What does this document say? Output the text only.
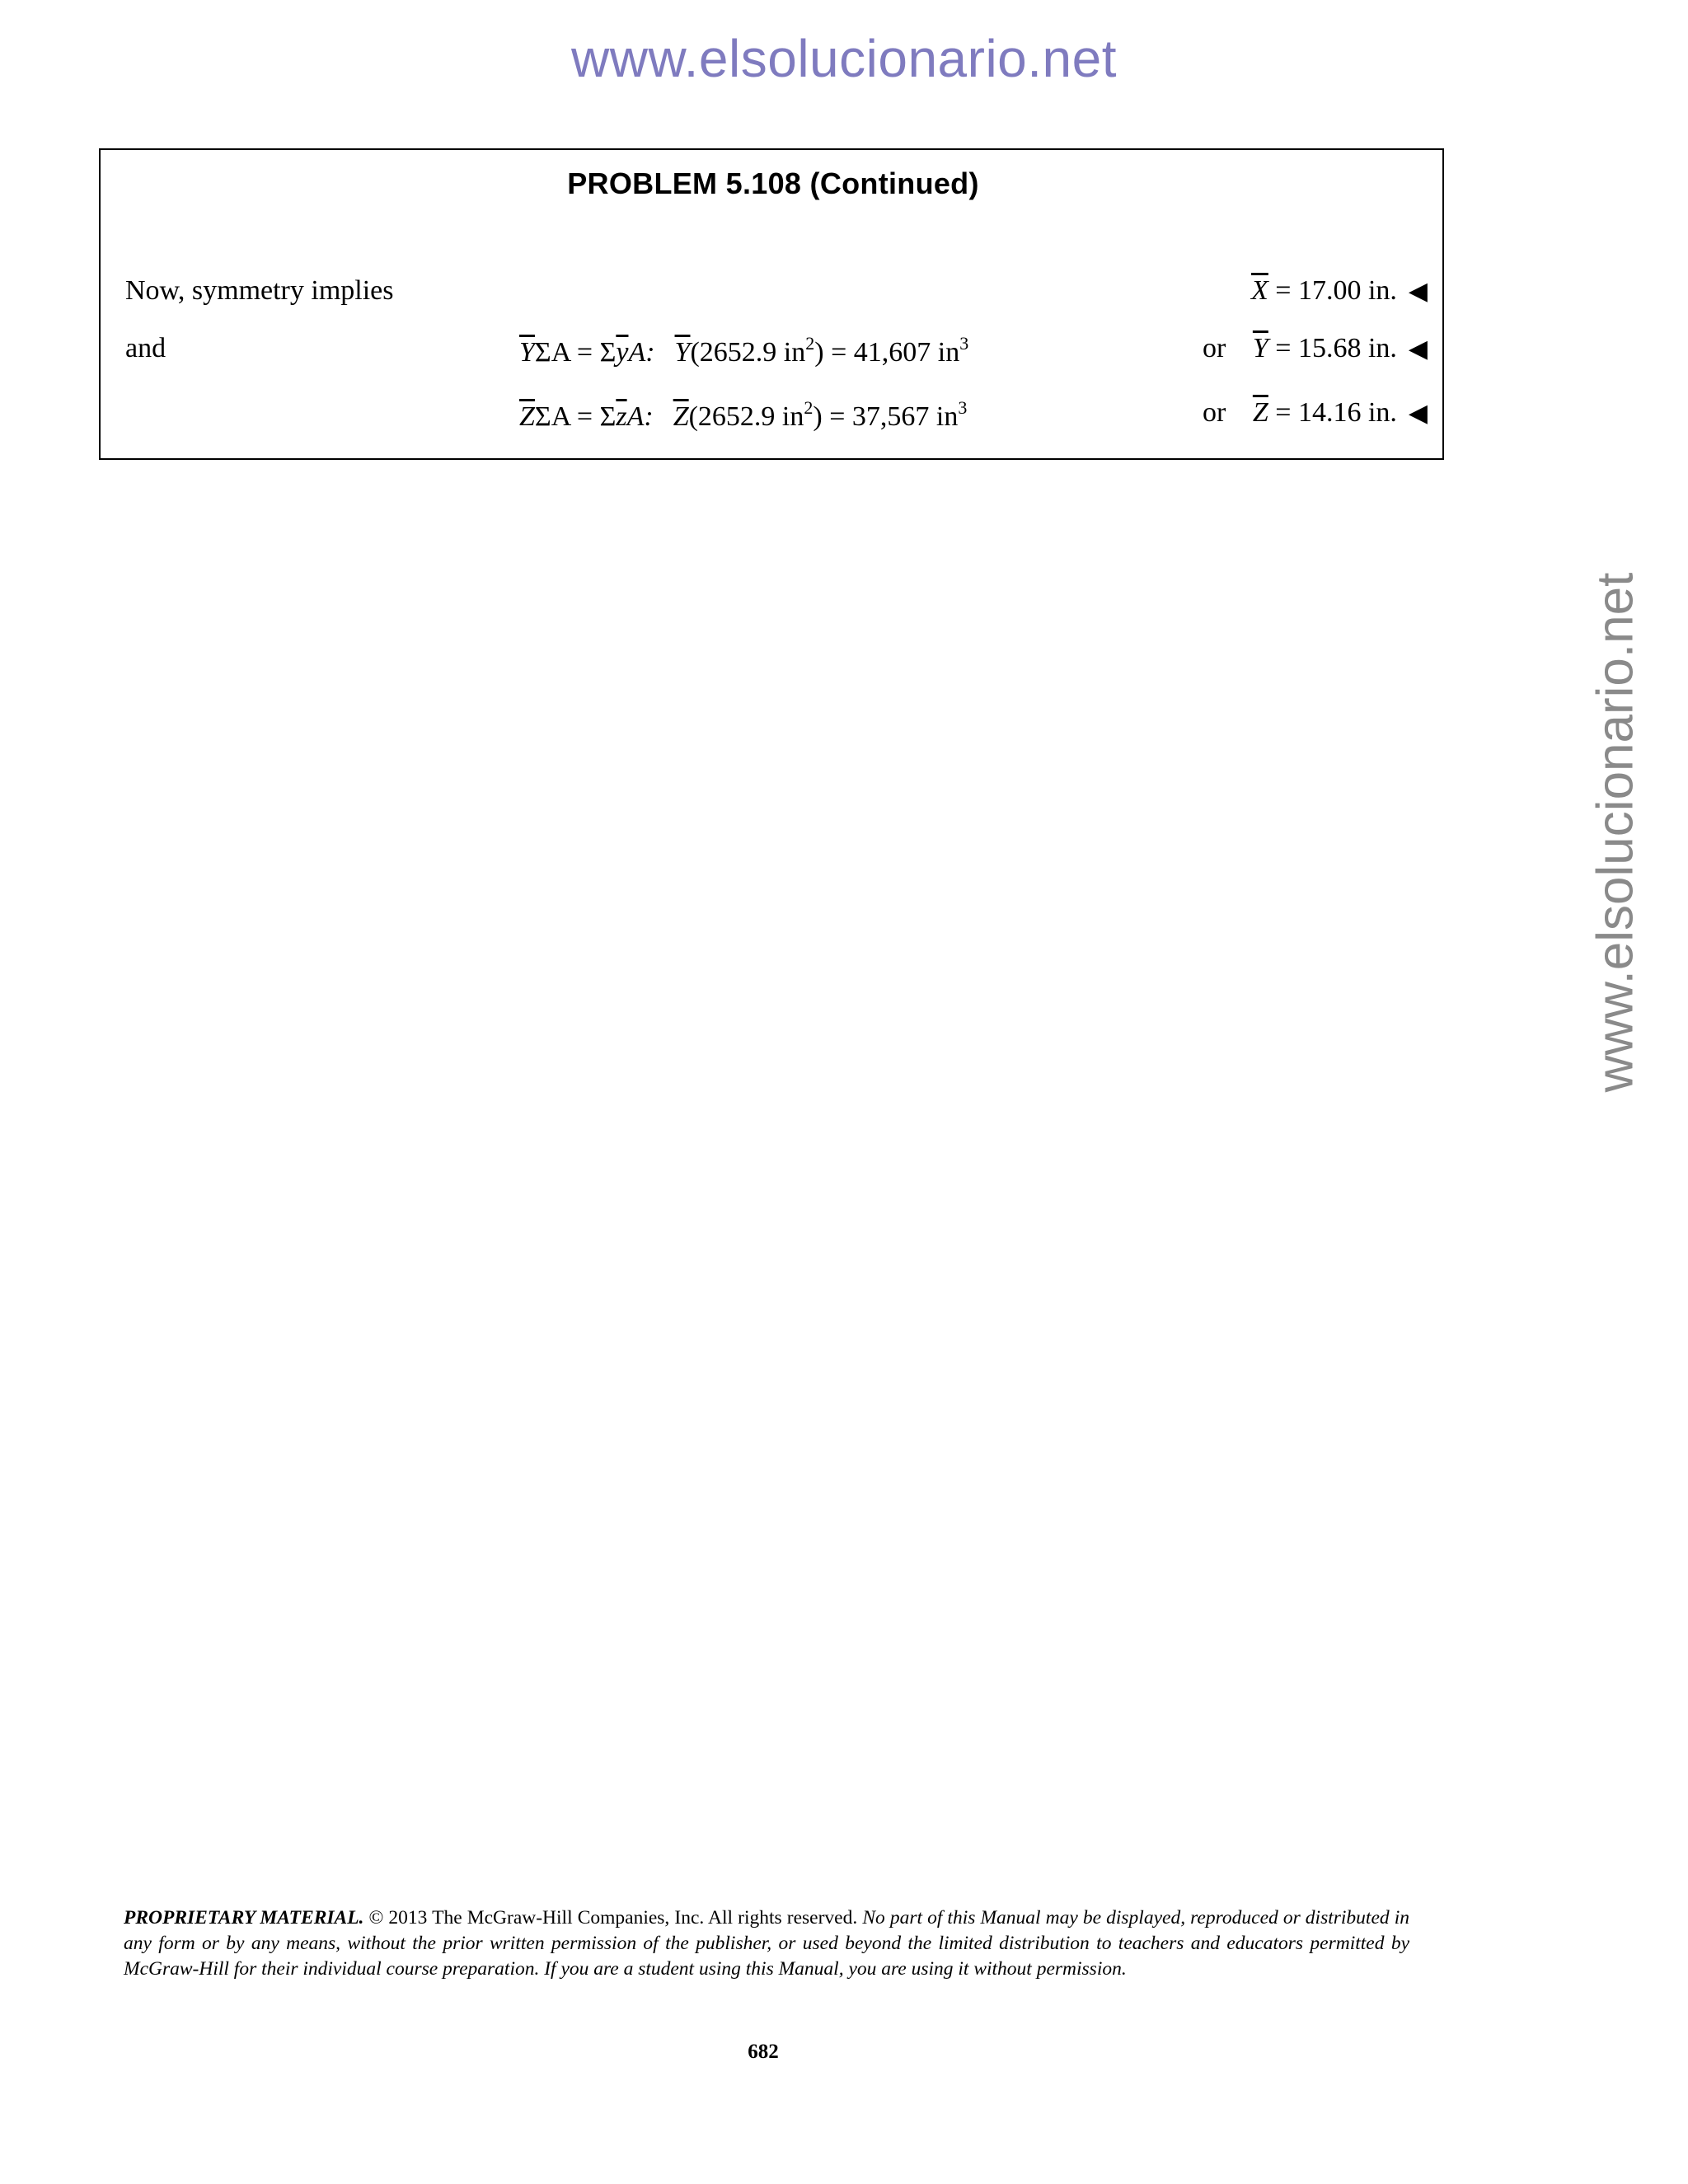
www.elsolucionario.net
www.elsolucionario.net
PROBLEM 5.108 (Continued)
Now, symmetry implies	$\overline{X} = 17.00$ in. ◀
and	$\overline{Y}\Sigma A = \Sigma\overline{y}A$: $\overline{Y}(2652.9$ $in^2) = 41,607$ $in^3$	or $\overline{Y} = 15.68$ in. ◀
$\overline{Z}\Sigma A = \Sigma\overline{z}A$: $\overline{Z}(2652.9$ $in^2) = 37,567$ $in^3$	or $\overline{Z} = 14.16$ in. ◀
PROPRIETARY MATERIAL. © 2013 The McGraw-Hill Companies, Inc. All rights reserved. No part of this Manual may be displayed, reproduced or distributed in any form or by any means, without the prior written permission of the publisher, or used beyond the limited distribution to teachers and educators permitted by McGraw-Hill for their individual course preparation. If you are a student using this Manual, you are using it without permission.
682
